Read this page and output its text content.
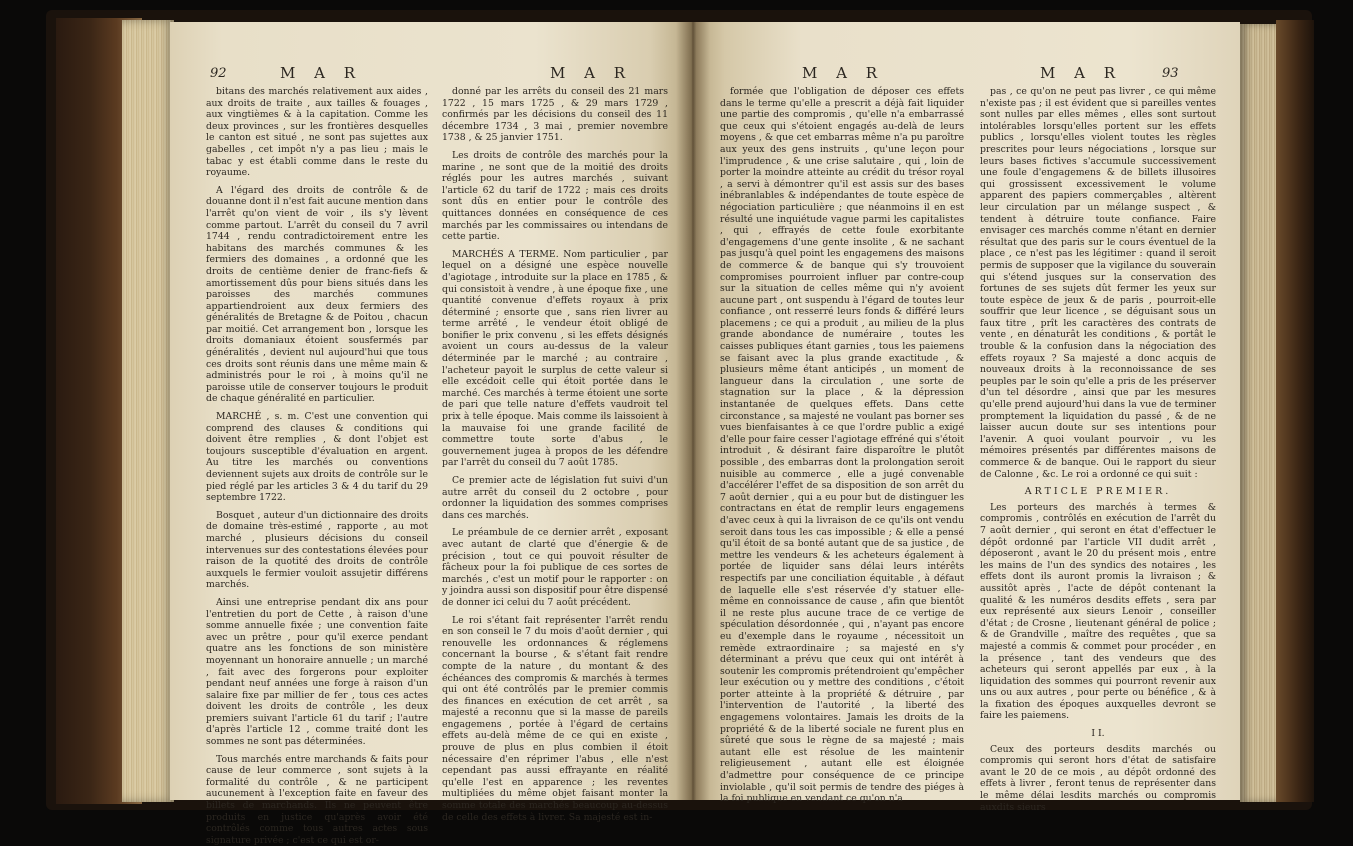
92	M A R	M A R

bitans des marchés relativement aux aides , aux droits de traite , aux tailles & fouages , aux vingtièmes & à la capitation. Comme les deux provinces , sur les frontières desquelles le canton est situé , ne sont pas sujettes aux gabelles , cet impôt n'y a pas lieu ; mais le tabac y est établi comme dans le reste du royaume.

A l'égard des droits de contrôle & de douanne dont il n'est fait aucune mention dans l'arrêt qu'on vient de voir , ils s'y lèvent comme partout. L'arrêt du conseil du 7 avril 1744 , rendu contradictoirement entre les habitans des marchés communes & les fermiers des domaines , a ordonné que les droits de centième denier de franc-fiefs & amortissement dûs pour biens situés dans les paroisses des marchés communes appartiendroient aux deux fermiers des généralités de Bretagne & de Poitou , chacun par moitié. Cet arrangement bon , lorsque les droits domaniaux étoient sousfermés par généralités , devient nul aujourd'hui que tous ces droits sont réunis dans une même main & administrés pour le roi , à moins qu'il ne paroisse utile de conserver toujours le produit de chaque généralité en particulier.

MARCHÉ , s. m. C'est une convention qui comprend des clauses & conditions qui doivent être remplies , & dont l'objet est toujours susceptible d'évaluation en argent. Au titre les marchés ou conventions deviennent sujets aux droits de contrôle sur le pied réglé par les articles 3 & 4 du tarif du 29 septembre 1722.

Bosquet , auteur d'un dictionnaire des droits de domaine très-estimé , rapporte , au mot marché , plusieurs décisions du conseil intervenues sur des contestations élevées pour raison de la quotité des droits de contrôle auxquels le fermier vouloit assujetir différens marchés.

Ainsi une entreprise pendant dix ans pour l'entretien du port de Cette , à raison d'une somme annuelle fixée ; une convention faite avec un prêtre , pour qu'il exerce pendant quatre ans les fonctions de son ministère moyennant un honoraire annuelle ; un marché , fait avec des forgerons pour exploiter pendant neuf années une forge à raison d'un salaire fixe par millier de fer , tous ces actes doivent les droits de contrôle , les deux premiers suivant l'article 61 du tarif ; l'autre d'après l'article 12 , comme traité dont les sommes ne sont pas déterminées.

Tous marchés entre marchands & faits pour cause de leur commerce , sont sujets à la formalité du contrôle , & ne participent aucunement à l'exception faite en faveur des billets de marchands. Ils ne peuvent être produits en justice qu'après avoir été contrôlés comme tous autres actes sous signature privée ; c'est ce qui est or-

donné par les arrêts du conseil des 21 mars 1722 , 15 mars 1725 , & 29 mars 1729 , confirmés par les décisions du conseil des 11 décembre 1734 , 3 mai , premier novembre 1738 , & 25 janvier 1751.

Les droits de contrôle des marchés pour la marine , ne sont que de la moitié des droits réglés pour les autres marchés , suivant l'article 62 du tarif de 1722 ; mais ces droits sont dûs en entier pour le contrôle des quittances données en conséquence de ces marchés par les commissaires ou intendans de cette partie.

MARCHÉS A TERME. Nom particulier , par lequel on a désigné une espèce nouvelle d'agiotage , introduite sur la place en 1785 , & qui consistoit à vendre , à une époque fixe , une quantité convenue d'effets royaux à prix déterminé ; ensorte que , sans rien livrer au terme arrêté , le vendeur étoit obligé de bonifier le prix convenu , si les effets désignés avoient un cours au-dessus de la valeur déterminée par le marché ; au contraire , l'acheteur payoit le surplus de cette valeur si elle excédoit celle qui étoit portée dans le marché. Ces marchés à terme étoient une sorte de pari que telle nature d'effets vaudroit tel prix à telle époque. Mais comme ils laissoient à la mauvaise foi une grande facilité de commettre toute sorte d'abus , le gouvernement jugea à propos de les défendre par l'arrêt du conseil du 7 août 1785.

Ce premier acte de législation fut suivi d'un autre arrêt du conseil du 2 octobre , pour ordonner la liquidation des sommes comprises dans ces marchés.

Le préambule de ce dernier arrêt , exposant avec autant de clarté que d'énergie & de précision , tout ce qui pouvoit résulter de fâcheux pour la foi publique de ces sortes de marchés , c'est un motif pour le rapporter : on y joindra aussi son dispositif pour être dispensé de donner ici celui du 7 août précédent.

Le roi s'étant fait représenter l'arrêt rendu en son conseil le 7 du mois d'août dernier , qui renouvelle les ordonnances & réglemens concernant la bourse , & s'étant fait rendre compte de la nature , du montant & des échéances des compromis & marchés à termes qui ont été contrôlés par le premier commis des finances en exécution de cet arrêt , sa majesté a reconnu que si la masse de pareils engagemens , portée à l'égard de certains effets au-delà même de ce qui en existe , prouve de plus en plus combien il étoit nécessaire d'en réprimer l'abus , elle n'est cependant pas aussi effrayante en réalité qu'elle l'est en apparence ; les reventes multipliées du même objet faisant monter la somme totale des marchés beaucoup au-dessus de celle des effets à livrer. Sa majesté est in-

M A R	M A R	93

formée que l'obligation de déposer ces effets dans le terme qu'elle a prescrit a déjà fait liquider une partie des compromis , qu'elle n'a embarrassé que ceux qui s'étoient engagés au-delà de leurs moyens , & que cet embarras même n'a pu paroître aux yeux des gens instruits , qu'une leçon pour l'imprudence , & une crise salutaire , qui , loin de porter la moindre atteinte au crédit du trésor royal , a servi à démontrer qu'il est assis sur des bases inébranlables & indépendantes de toute espèce de négociation particulière ; que néanmoins il en est résulté une inquiétude vague parmi les capitalistes , qui , effrayés de cette foule exorbitante d'engagemens d'une gente insolite , & ne sachant pas jusqu'à quel point les engagemens des maisons de commerce & de banque qui s'y trouvoient compromises pourroient influer par contre-coup sur la situation de celles même qui n'y avoient aucune part , ont suspendu à l'égard de toutes leur confiance , ont resserré leurs fonds & différé leurs placemens ; ce qui a produit , au milieu de la plus grande abondance de numéraire , toutes les caisses publiques étant garnies , tous les paiemens se faisant avec la plus grande exactitude , & plusieurs même étant anticipés , un moment de langueur dans la circulation , une sorte de stagnation sur la place , & la dépression instantanée de quelques effets. Dans cette circonstance , sa majesté ne voulant pas borner ses vues bienfaisantes à ce que l'ordre public a exigé d'elle pour faire cesser l'agiotage effréné qui s'étoit introduit , & désirant faire disparoître le plutôt possible , des embarras dont la prolongation seroit nuisible au commerce , elle a jugé convenable d'accélérer l'effet de sa disposition de son arrêt du 7 août dernier , qui a eu pour but de distinguer les contractans en état de remplir leurs engagemens d'avec ceux à qui la livraison de ce qu'ils ont vendu seroit dans tous les cas impossible ; & elle a pensé qu'il étoit de sa bonté autant que de sa justice , de mettre les vendeurs & les acheteurs également à portée de liquider sans délai leurs intérêts respectifs par une conciliation équitable , à défaut de laquelle elle s'est réservée d'y statuer elle-même en connoissance de cause , afin que bientôt il ne reste plus aucune trace de ce vertige de spéculation désordonnée , qui , n'ayant pas encore eu d'exemple dans le royaume , nécessitoit un remède extraordinaire ; sa majesté en s'y déterminant a prévu que ceux qui ont intérêt à soutenir les compromis prétendroient qu'empêcher leur exécution ou y mettre des conditions , c'étoit porter atteinte à la propriété & détruire , par l'intervention de l'autorité , la liberté des engagemens volontaires. Jamais les droits de la propriété & de la liberté sociale ne furent plus en sûreté que sous le règne de sa majesté ; mais autant elle est résolue de les maintenir religieusement , autant elle est éloignée d'admettre pour conséquence de ce principe inviolable , qu'il soit permis de tendre des piéges à la foi publique en vendant ce qu'on n'a

pas , ce qu'on ne peut pas livrer , ce qui même n'existe pas ; il est évident que si pareilles ventes sont nulles par elles mêmes , elles sont surtout intolérables lorsqu'elles portent sur les effets publics , lorsqu'elles violent toutes les règles prescrites pour leurs négociations , lorsque sur leurs bases fictives s'accumule successivement une foule d'engagemens & de billets illusoires qui grossissent excessivement le volume apparent des papiers commerçables , altèrent leur circulation par un mélange suspect , & tendent à détruire toute confiance. Faire envisager ces marchés comme n'étant en dernier résultat que des paris sur le cours éventuel de la place , ce n'est pas les légitimer : quand il seroit permis de supposer que la vigilance du souverain qui s'étend jusques sur la conservation des fortunes de ses sujets dût fermer les yeux sur toute espèce de jeux & de paris , pourroit-elle souffrir que leur licence , se déguisant sous un faux titre , prît les caractères des contrats de vente , en dénaturât les conditions , & portât le trouble & la confusion dans la négociation des effets royaux ? Sa majesté a donc acquis de nouveaux droits à la reconnoissance de ses peuples par le soin qu'elle a pris de les préserver d'un tel désordre , ainsi que par les mesures qu'elle prend aujourd'hui dans la vue de terminer promptement la liquidation du passé , & de ne laisser aucun doute sur ses intentions pour l'avenir. A quoi voulant pourvoir , vu les mémoires présentés par différentes maisons de commerce & de banque. Oui le rapport du sieur de Calonne , &c. Le roi a ordonné ce qui suit :

ARTICLE PREMIER.

Les porteurs des marchés à termes & compromis , contrôlés en exécution de l'arrêt du 7 août dernier , qui seront en état d'effectuer le dépôt ordonné par l'article VII dudit arrêt , déposeront , avant le 20 du présent mois , entre les mains de l'un des syndics des notaires , les effets dont ils auront promis la livraison ; & aussitôt après , l'acte de dépôt contenant la qualité & les numéros desdits effets , sera par eux représenté aux sieurs Lenoir , conseiller d'état ; de Crosne , lieutenant général de police ; & de Grandville , maître des requêtes , que sa majesté a commis & commet pour procéder , en la présence , tant des vendeurs que des acheteurs qui seront appellés par eux , à la liquidation des sommes qui pourront revenir aux uns ou aux autres , pour perte ou bénéfice , & à la fixation des époques auxquelles devront se faire les paiemens.

I I.

Ceux des porteurs desdits marchés ou compromis qui seront hors d'état de satisfaire avant le 20 de ce mois , au dépôt ordonné des effets à livrer , feront tenus de représenter dans le même délai lesdits marchés ou compromis auxdits sieurs
